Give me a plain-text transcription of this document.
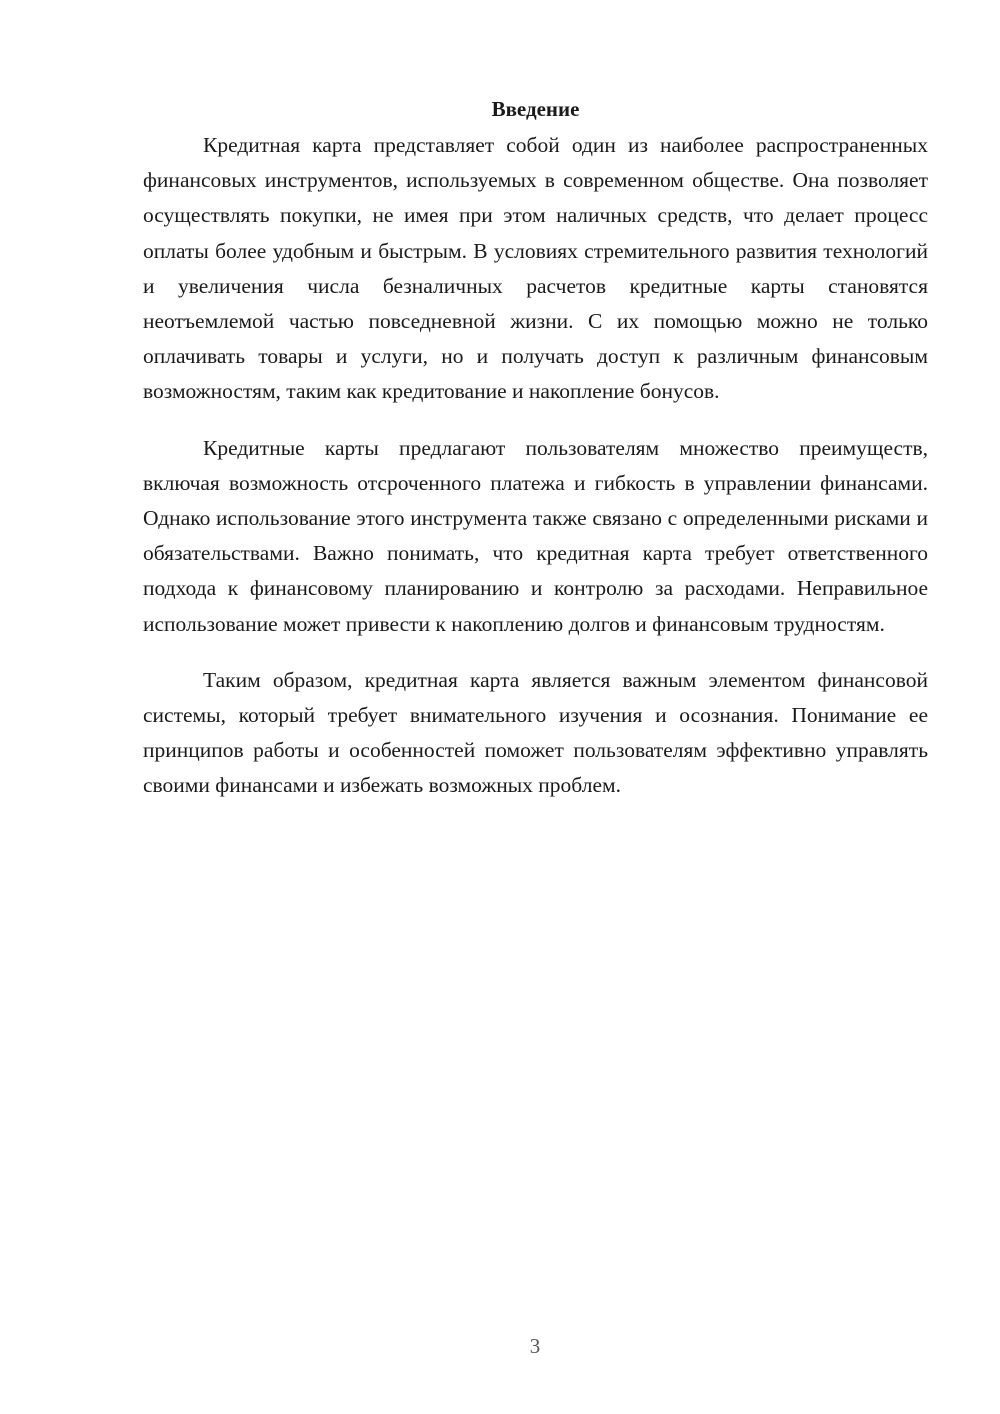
Введение

Кредитная карта представляет собой один из наиболее распространенных финансовых инструментов, используемых в современном обществе. Она позволяет осуществлять покупки, не имея при этом наличных средств, что делает процесс оплаты более удобным и быстрым. В условиях стремительного развития технологий и увеличения числа безналичных расчетов кредитные карты становятся неотъемлемой частью повседневной жизни. С их помощью можно не только оплачивать товары и услуги, но и получать доступ к различным финансовым возможностям, таким как кредитование и накопление бонусов.

Кредитные карты предлагают пользователям множество преимуществ, включая возможность отсроченного платежа и гибкость в управлении финансами. Однако использование этого инструмента также связано с определенными рисками и обязательствами. Важно понимать, что кредитная карта требует ответственного подхода к финансовому планированию и контролю за расходами. Неправильное использование может привести к накоплению долгов и финансовым трудностям.

Таким образом, кредитная карта является важным элементом финансовой системы, который требует внимательного изучения и осознания. Понимание ее принципов работы и особенностей поможет пользователям эффективно управлять своими финансами и избежать возможных проблем.

3
